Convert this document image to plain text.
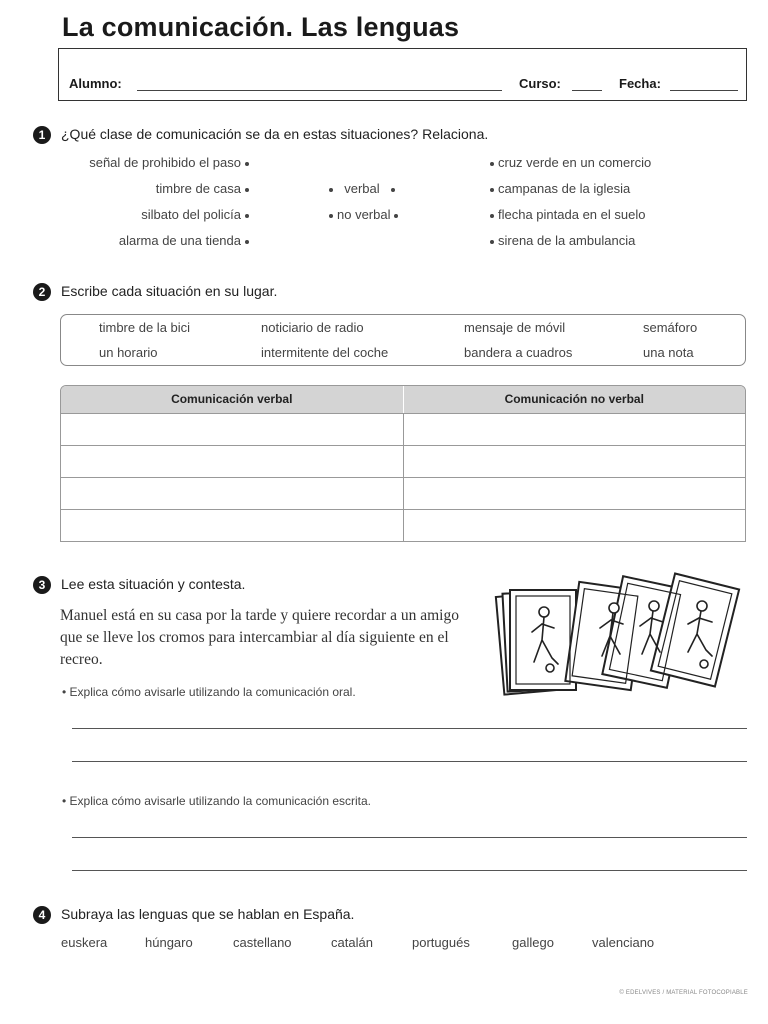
La comunicación. Las lenguas
Alumno:	Curso:	Fecha:
1	¿Qué clase de comunicación se da en estas situaciones? Relaciona.
señal de prohibido el paso
timbre de casa
silbato del policía
alarma de una tienda
verbal
no verbal
cruz verde en un comercio
campanas de la iglesia
flecha pintada en el suelo
sirena de la ambulancia
2	Escribe cada situación en su lugar.
timbre de la bici	noticiario de radio	mensaje de móvil	semáforo
un horario	intermitente del coche	bandera a cuadros	una nota
Comunicación verbal	Comunicación no verbal
3	Lee esta situación y contesta.
Manuel está en su casa por la tarde y quiere recordar a un amigo que se lleve los cromos para intercambiar al día siguiente en el recreo.
• Explica cómo avisarle utilizando la comunicación oral.
• Explica cómo avisarle utilizando la comunicación escrita.
4	Subraya las lenguas que se hablan en España.
euskera	húngaro	castellano	catalán	portugués	gallego	valenciano
© EDELVIVES / MATERIAL FOTOCOPIABLE
